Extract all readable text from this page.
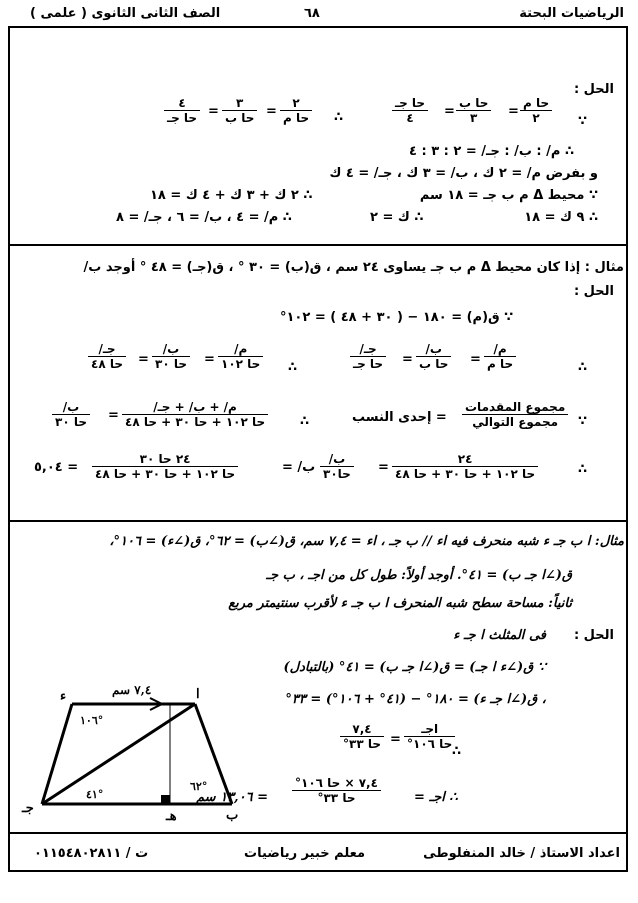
الرياضيات البحتة
٦٨
الصف الثانى الثانوى ( علمى )
الحل :
∵
حا م
٢
=
حا ب
٣
=
حا جـ
٤
∴
٢
حا م
=
٣
حا ب
=
٤
حا جـ
∴ م/ : ب/ : جـ/ = ٢ : ٣ : ٤
و بفرض م/ = ٢ ك ، ب/ = ٣ ك ، جـ/ = ٤ ك
∵ محيط Δ م ب جـ = ١٨ سم
∴ ٢ ك + ٣ ك + ٤ ك = ١٨
∴ ٩ ك = ١٨
∴ ك = ٢
∴ م/ = ٤ ، ب/ = ٦ ، جـ/ = ٨
مثال : إذا كان محيط Δ م ب جـ يساوى ٢٤ سم ، ق(ب) = ٣٠ ° ، ق(جـ) = ٤٨ ° أوجد ب/
الحل :
∵ ق(م) = ١٨٠ − ( ٣٠ + ٤٨ ) = ١٠٢°
∴
م/
حا م
=
ب/
حا ب
=
جـ/
حا جـ
∴
م/
حا ١٠٢
=
ب/
حا ٣٠
=
جـ/
حا ٤٨
∵
مجموع المقدمات
مجموع التوالي
= إحدى النسب
∴
م/ + ب/ + جـ/
حا ١٠٢ + حا ٣٠ + حا ٤٨
=
ب/
حا ٣٠
∴
٢٤
حا ١٠٢ + حا ٣٠ + حا ٤٨
=
ب/
حا٣٠
ب/ =
٢٤ حا ٣٠
حا ١٠٢ + حا ٣٠ + حا ٤٨
= ٥,٠٤
مثال: ا ب جـ ء شبه منحرف فيه اء // ب جـ ، اء = ٧,٤ سم، ق(∠ب) = ٦٢°، ق(∠ء) = ١٠٦°،
ق(∠ا جـ ب) = ٤١°. أوجد أولاً: طول كل من اجـ ، ب جـ
ثانياً: مساحة سطح شبه المنحرف ا ب جـ ء لأقرب سنتيمتر مربع
الحل :
فى المثلث ا جـ ء
∵ ق(∠ء ا جـ) = ق(∠ا جـ ب) = ٤١° (بالتبادل)
، ق(∠ا جـ ء) = ١٨٠° − (٤١° + ١٠٦°) = ٣٣°
∴
اجـ
حا ١٠٦°
=
٧,٤
حا ٣٣°
∴ اجـ =
٧,٤ × حا ١٠٦°
حا ٣٣°
= ١٣,٠٦ سم
ء	ا
جـ	ب
هـ
٧,٤ سم
١٠٦°
٤١°
٦٢°
اعداد الاستاذ / خالد المنفلوطى
معلم خبير رياضيات
ت / ٠١١٥٤٨٠٢٨١١
